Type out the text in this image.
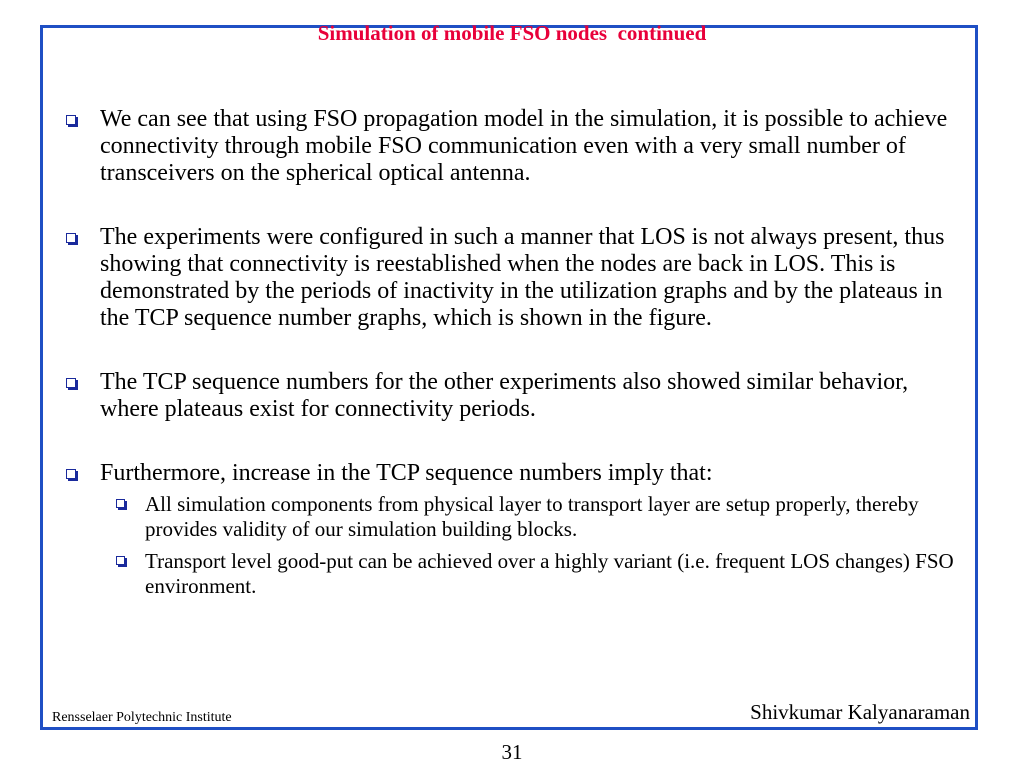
Simulation of mobile FSO nodes  continued
We can see that using FSO propagation model in the simulation, it is possible to achieve connectivity through mobile FSO communication even with a very small number of transceivers on the spherical optical antenna.
The experiments were configured in such a manner that LOS is not always present, thus showing that connectivity is reestablished when the nodes are back in LOS. This is demonstrated by the periods of inactivity in the utilization graphs and by the plateaus in the TCP sequence number graphs, which is shown in the figure.
The TCP sequence numbers for the other experiments also showed similar behavior, where plateaus exist for connectivity periods.
Furthermore, increase in the TCP sequence numbers imply that:
All simulation components from physical layer to transport layer are setup properly, thereby provides validity of our simulation building blocks.
Transport level good-put can be achieved over a highly variant (i.e. frequent LOS changes) FSO environment.
Rensselaer Polytechnic Institute	Shivkumar Kalyanaraman
31
